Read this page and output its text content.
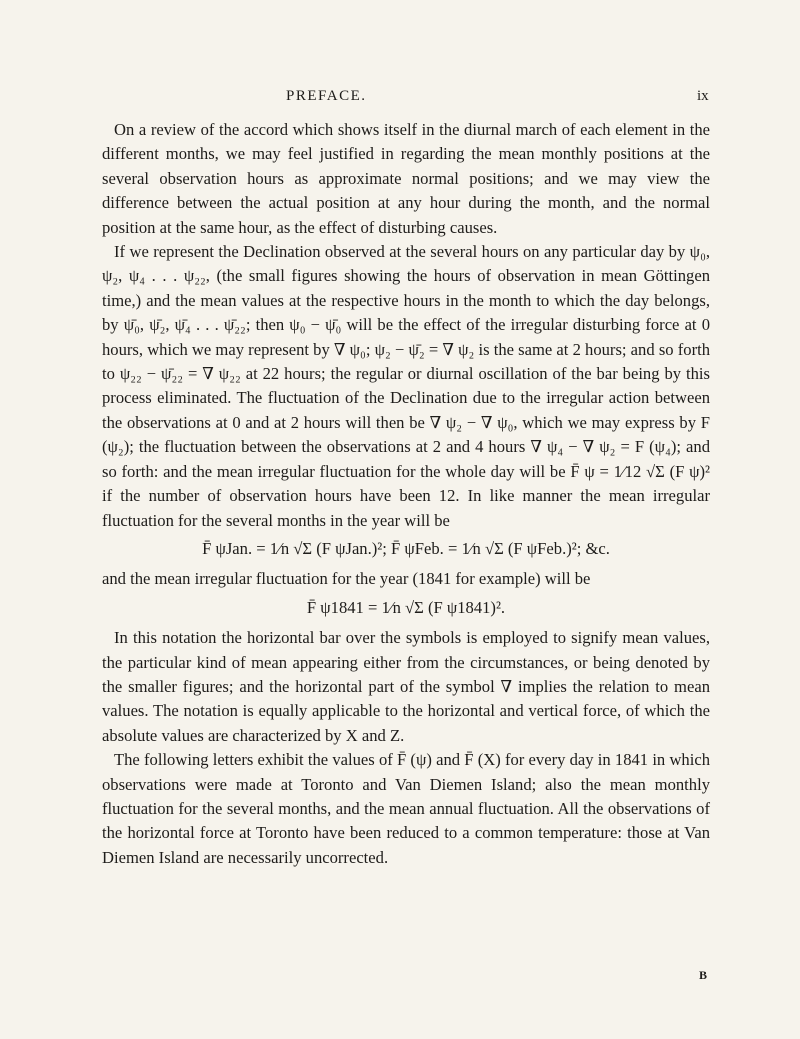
PREFACE.	ix

On a review of the accord which shows itself in the diurnal march of each element in the different months, we may feel justified in regarding the mean monthly positions at the several observation hours as approximate normal positions; and we may view the difference between the actual position at any hour during the month, and the normal position at the same hour, as the effect of disturbing causes.

If we represent the Declination observed at the several hours on any particular day by ψ₀, ψ₂, ψ₄ . . . ψ₂₂, (the small figures showing the hours of observation in mean Göttingen time,) and the mean values at the respective hours in the month to which the day belongs, by ψ̄₀, ψ̄₂, ψ̄₄ . . . ψ̄₂₂; then ψ₀ − ψ̄₀ will be the effect of the irregular disturbing force at 0 hours, which we may represent by ∇ ψ₀; ψ₂ − ψ̄₂ = ∇ ψ₂ is the same at 2 hours; and so forth to ψ₂₂ − ψ̄₂₂ = ∇ ψ₂₂ at 22 hours; the regular or diurnal oscillation of the bar being by this process eliminated. The fluctuation of the Declination due to the irregular action between the observations at 0 and at 2 hours will then be ∇ ψ₂ − ∇ ψ₀, which we may express by F (ψ₂); the fluctuation between the observations at 2 and 4 hours ∇ ψ₄ − ∇ ψ₂ = F (ψ₄); and so forth: and the mean irregular fluctuation for the whole day will be F̄ ψ = 1⁄12 √Σ (F ψ)² if the number of observation hours have been 12. In like manner the mean irregular fluctuation for the several months in the year will be

F̄ ψJan. = 1⁄n √Σ (F ψJan.)²; F̄ ψFeb. = 1⁄n √Σ (F ψFeb.)²; &c.

and the mean irregular fluctuation for the year (1841 for example) will be

F̄ ψ1841 = 1⁄n √Σ (F ψ1841)².

In this notation the horizontal bar over the symbols is employed to signify mean values, the particular kind of mean appearing either from the circumstances, or being denoted by the smaller figures; and the horizontal part of the symbol ∇ implies the relation to mean values. The notation is equally applicable to the horizontal and vertical force, of which the absolute values are characterized by X and Z.

The following letters exhibit the values of F̄ (ψ) and F̄ (X) for every day in 1841 in which observations were made at Toronto and Van Diemen Island; also the mean monthly fluctuation for the several months, and the mean annual fluctuation. All the observations of the horizontal force at Toronto have been reduced to a common temperature: those at Van Diemen Island are necessarily uncorrected.

B
